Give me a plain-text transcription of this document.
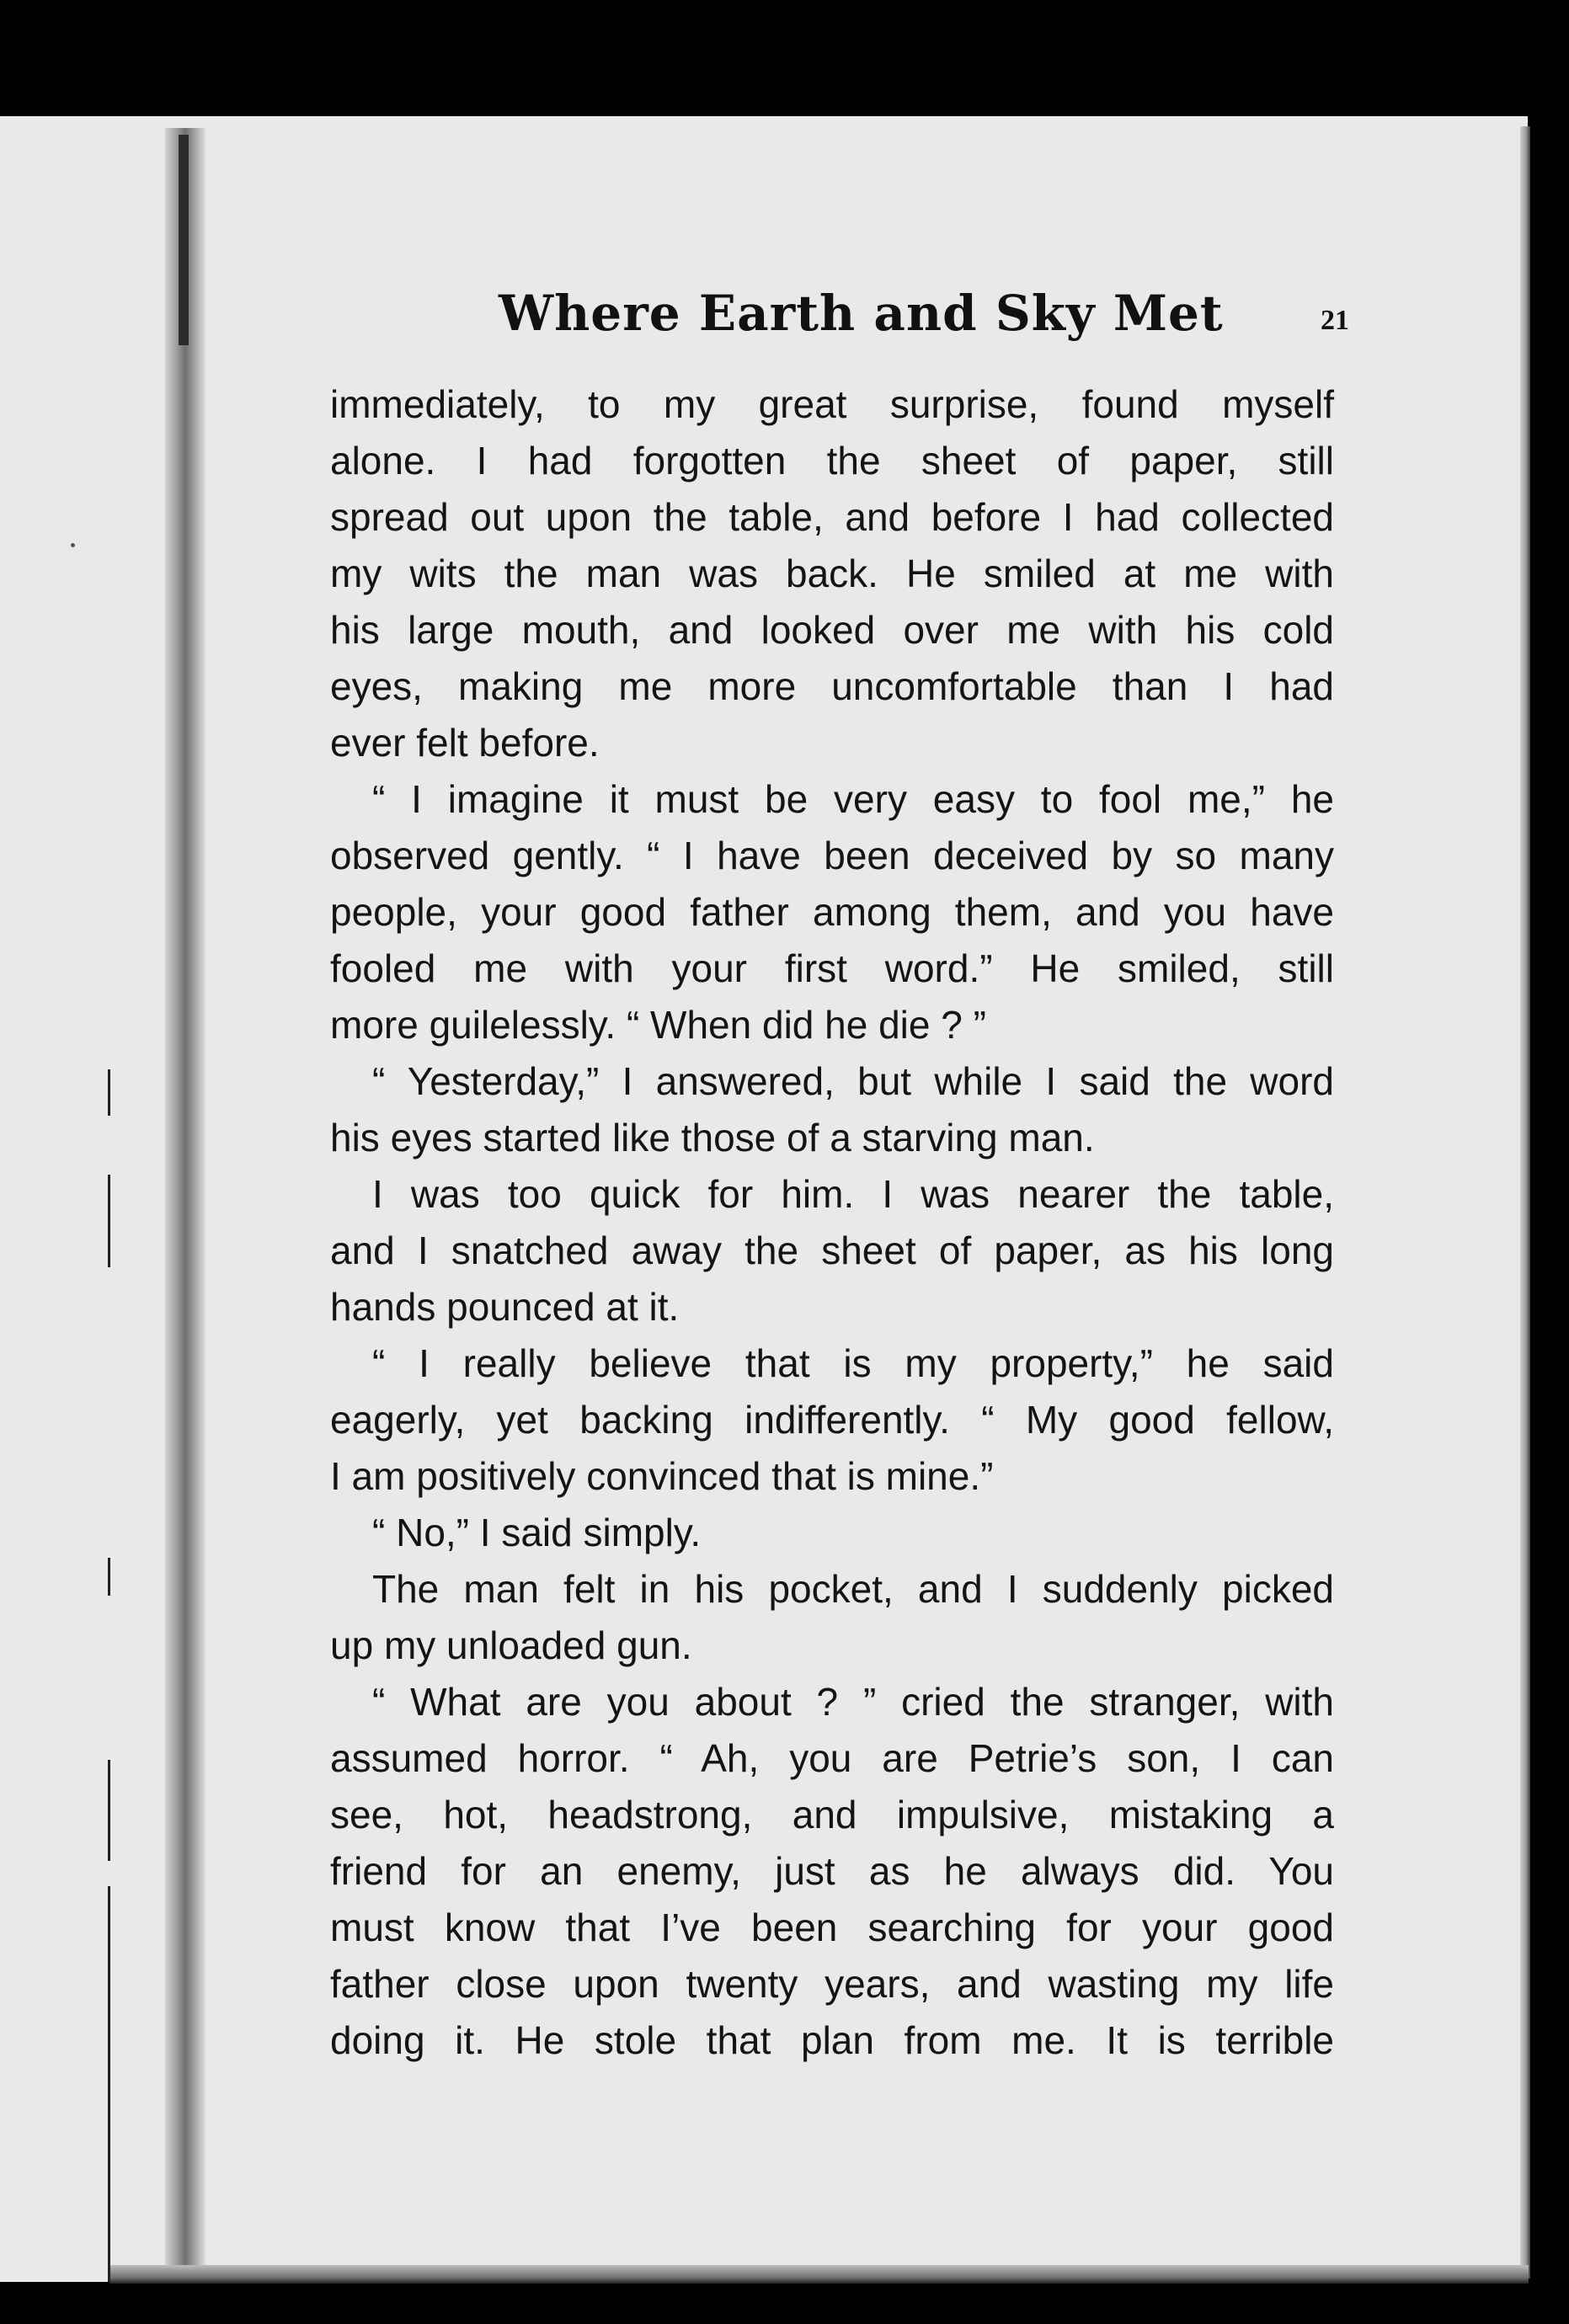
Where Earth and Sky Met	21
immediately, to my great surprise, found myself
alone. I had forgotten the sheet of paper, still
spread out upon the table, and before I had collected
my wits the man was back. He smiled at me with
his large mouth, and looked over me with his cold
eyes, making me more uncomfortable than I had
ever felt before.
“ I imagine it must be very easy to fool me,” he
observed gently. “ I have been deceived by so many
people, your good father among them, and you have
fooled me with your first word.” He smiled, still
more guilelessly. “ When did he die ? ”
“ Yesterday,” I answered, but while I said the word
his eyes started like those of a starving man.
I was too quick for him. I was nearer the table,
and I snatched away the sheet of paper, as his long
hands pounced at it.
“ I really believe that is my property,” he said
eagerly, yet backing indifferently. “ My good fellow,
I am positively convinced that is mine.”
“ No,” I said simply.
The man felt in his pocket, and I suddenly picked
up my unloaded gun.
“ What are you about ? ” cried the stranger, with
assumed horror. “ Ah, you are Petrie’s son, I can
see, hot, headstrong, and impulsive, mistaking a
friend for an enemy, just as he always did. You
must know that I’ve been searching for your good
father close upon twenty years, and wasting my life
doing it. He stole that plan from me. It is terrible
